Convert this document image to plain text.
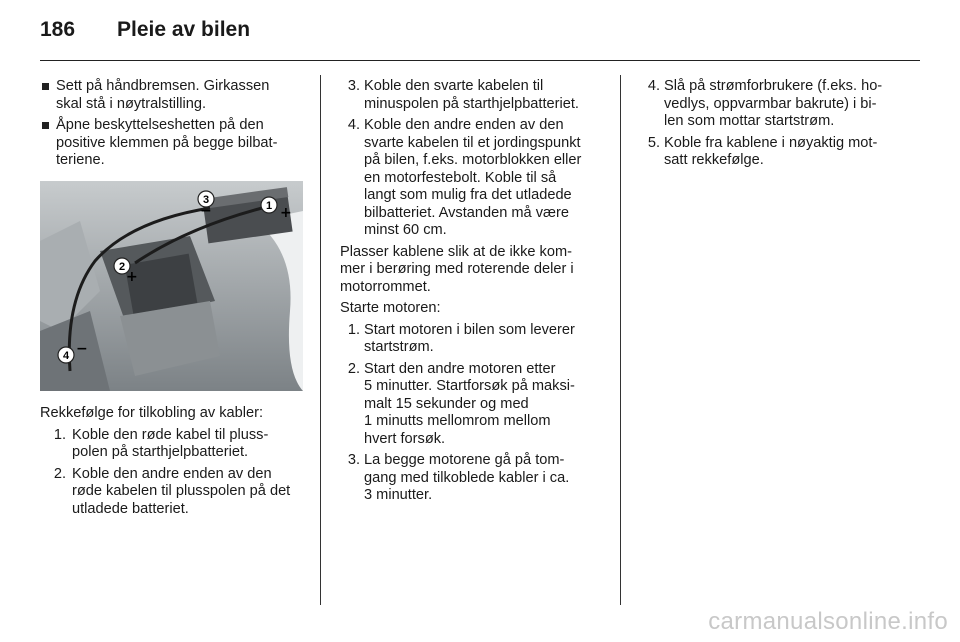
186	Pleie av bilen
Sett på håndbremsen. Girkassen
skal stå i nøytralstilling.
Åpne beskyttelseshetten på den
positive klemmen på begge bilbat-
teriene.
1 +
3
−
2
+
4 −
Rekkefølge for tilkobling av kabler:
1. Koble den røde kabel til pluss-
polen på starthjelpbatteriet.
2. Koble den andre enden av den
røde kabelen til plusspolen på det
utladede batteriet.
3. Koble den svarte kabelen til
minuspolen på starthjelpbatteriet.
4. Koble den andre enden av den
svarte kabelen til et jordingspunkt
på bilen, f.eks. motorblokken eller
en motorfestebolt. Koble til så
langt som mulig fra det utladede
bilbatteriet. Avstanden må være
minst 60 cm.
Plasser kablene slik at de ikke kom-
mer i berøring med roterende deler i
motorrommet.
Starte motoren:
1. Start motoren i bilen som leverer
startstrøm.
2. Start den andre motoren etter
5 minutter. Startforsøk på maksi-
malt 15 sekunder og med
1 minutts mellomrom mellom
hvert forsøk.
3. La begge motorene gå på tom-
gang med tilkoblede kabler i ca.
3 minutter.
4. Slå på strømforbrukere (f.eks. ho-
vedlys, oppvarmbar bakrute) i bi-
len som mottar startstrøm.
5. Koble fra kablene i nøyaktig mot-
satt rekkefølge.
carmanualsonline.info
